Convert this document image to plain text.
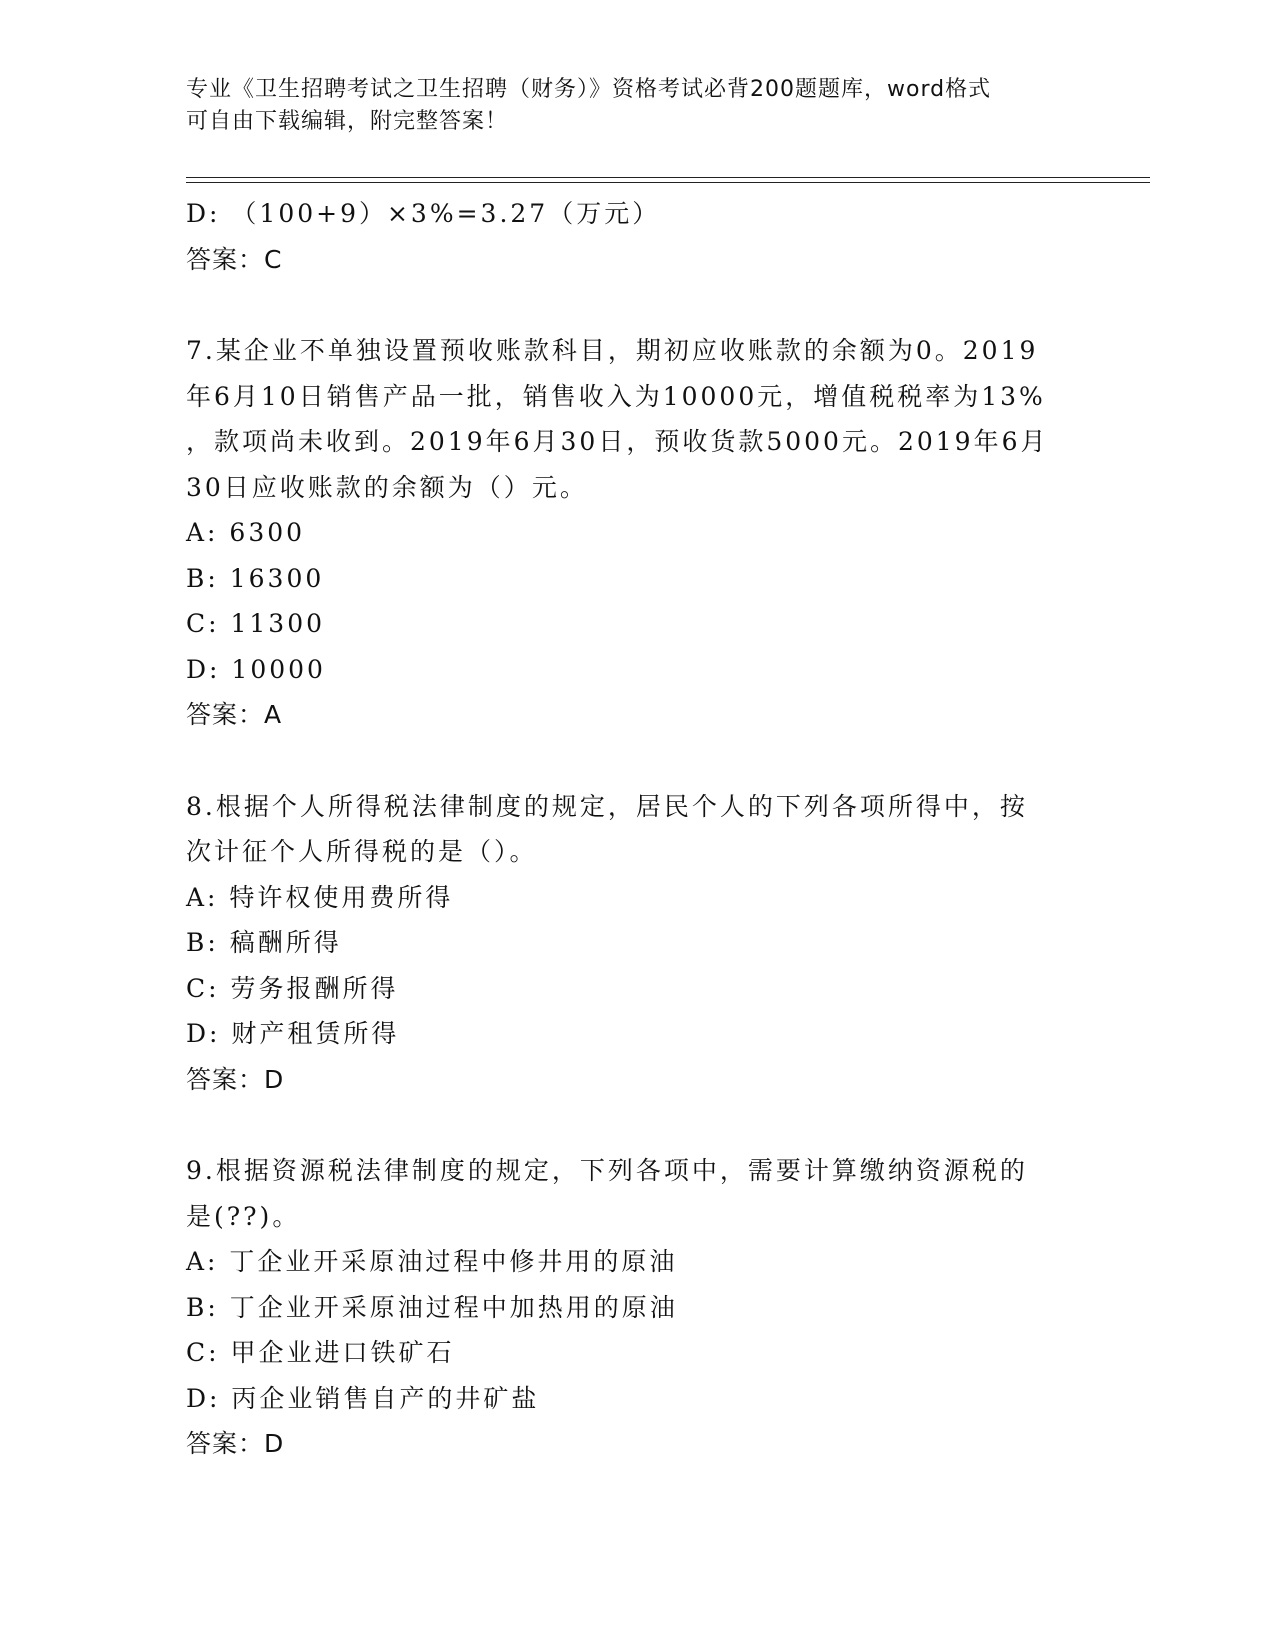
专业《卫生招聘考试之卫生招聘（财务）》资格考试必背200题题库，word格式
可自由下载编辑，附完整答案！
D: （100+9）×3%=3.27（万元）
答案：C
7.某企业不单独设置预收账款科目，期初应收账款的余额为0。2019
年6月10日销售产品一批，销售收入为10000元，增值税税率为13%
，款项尚未收到。2019年6月30日，预收货款5000元。2019年6月
30日应收账款的余额为（）元。
A: 6300
B: 16300
C: 11300
D: 10000
答案：A
8.根据个人所得税法律制度的规定，居民个人的下列各项所得中，按
次计征个人所得税的是（）。
A: 特许权使用费所得
B: 稿酬所得
C: 劳务报酬所得
D: 财产租赁所得
答案：D
9.根据资源税法律制度的规定，下列各项中，需要计算缴纳资源税的
是(??)。
A: 丁企业开采原油过程中修井用的原油
B: 丁企业开采原油过程中加热用的原油
C: 甲企业进口铁矿石
D: 丙企业销售自产的井矿盐
答案：D
